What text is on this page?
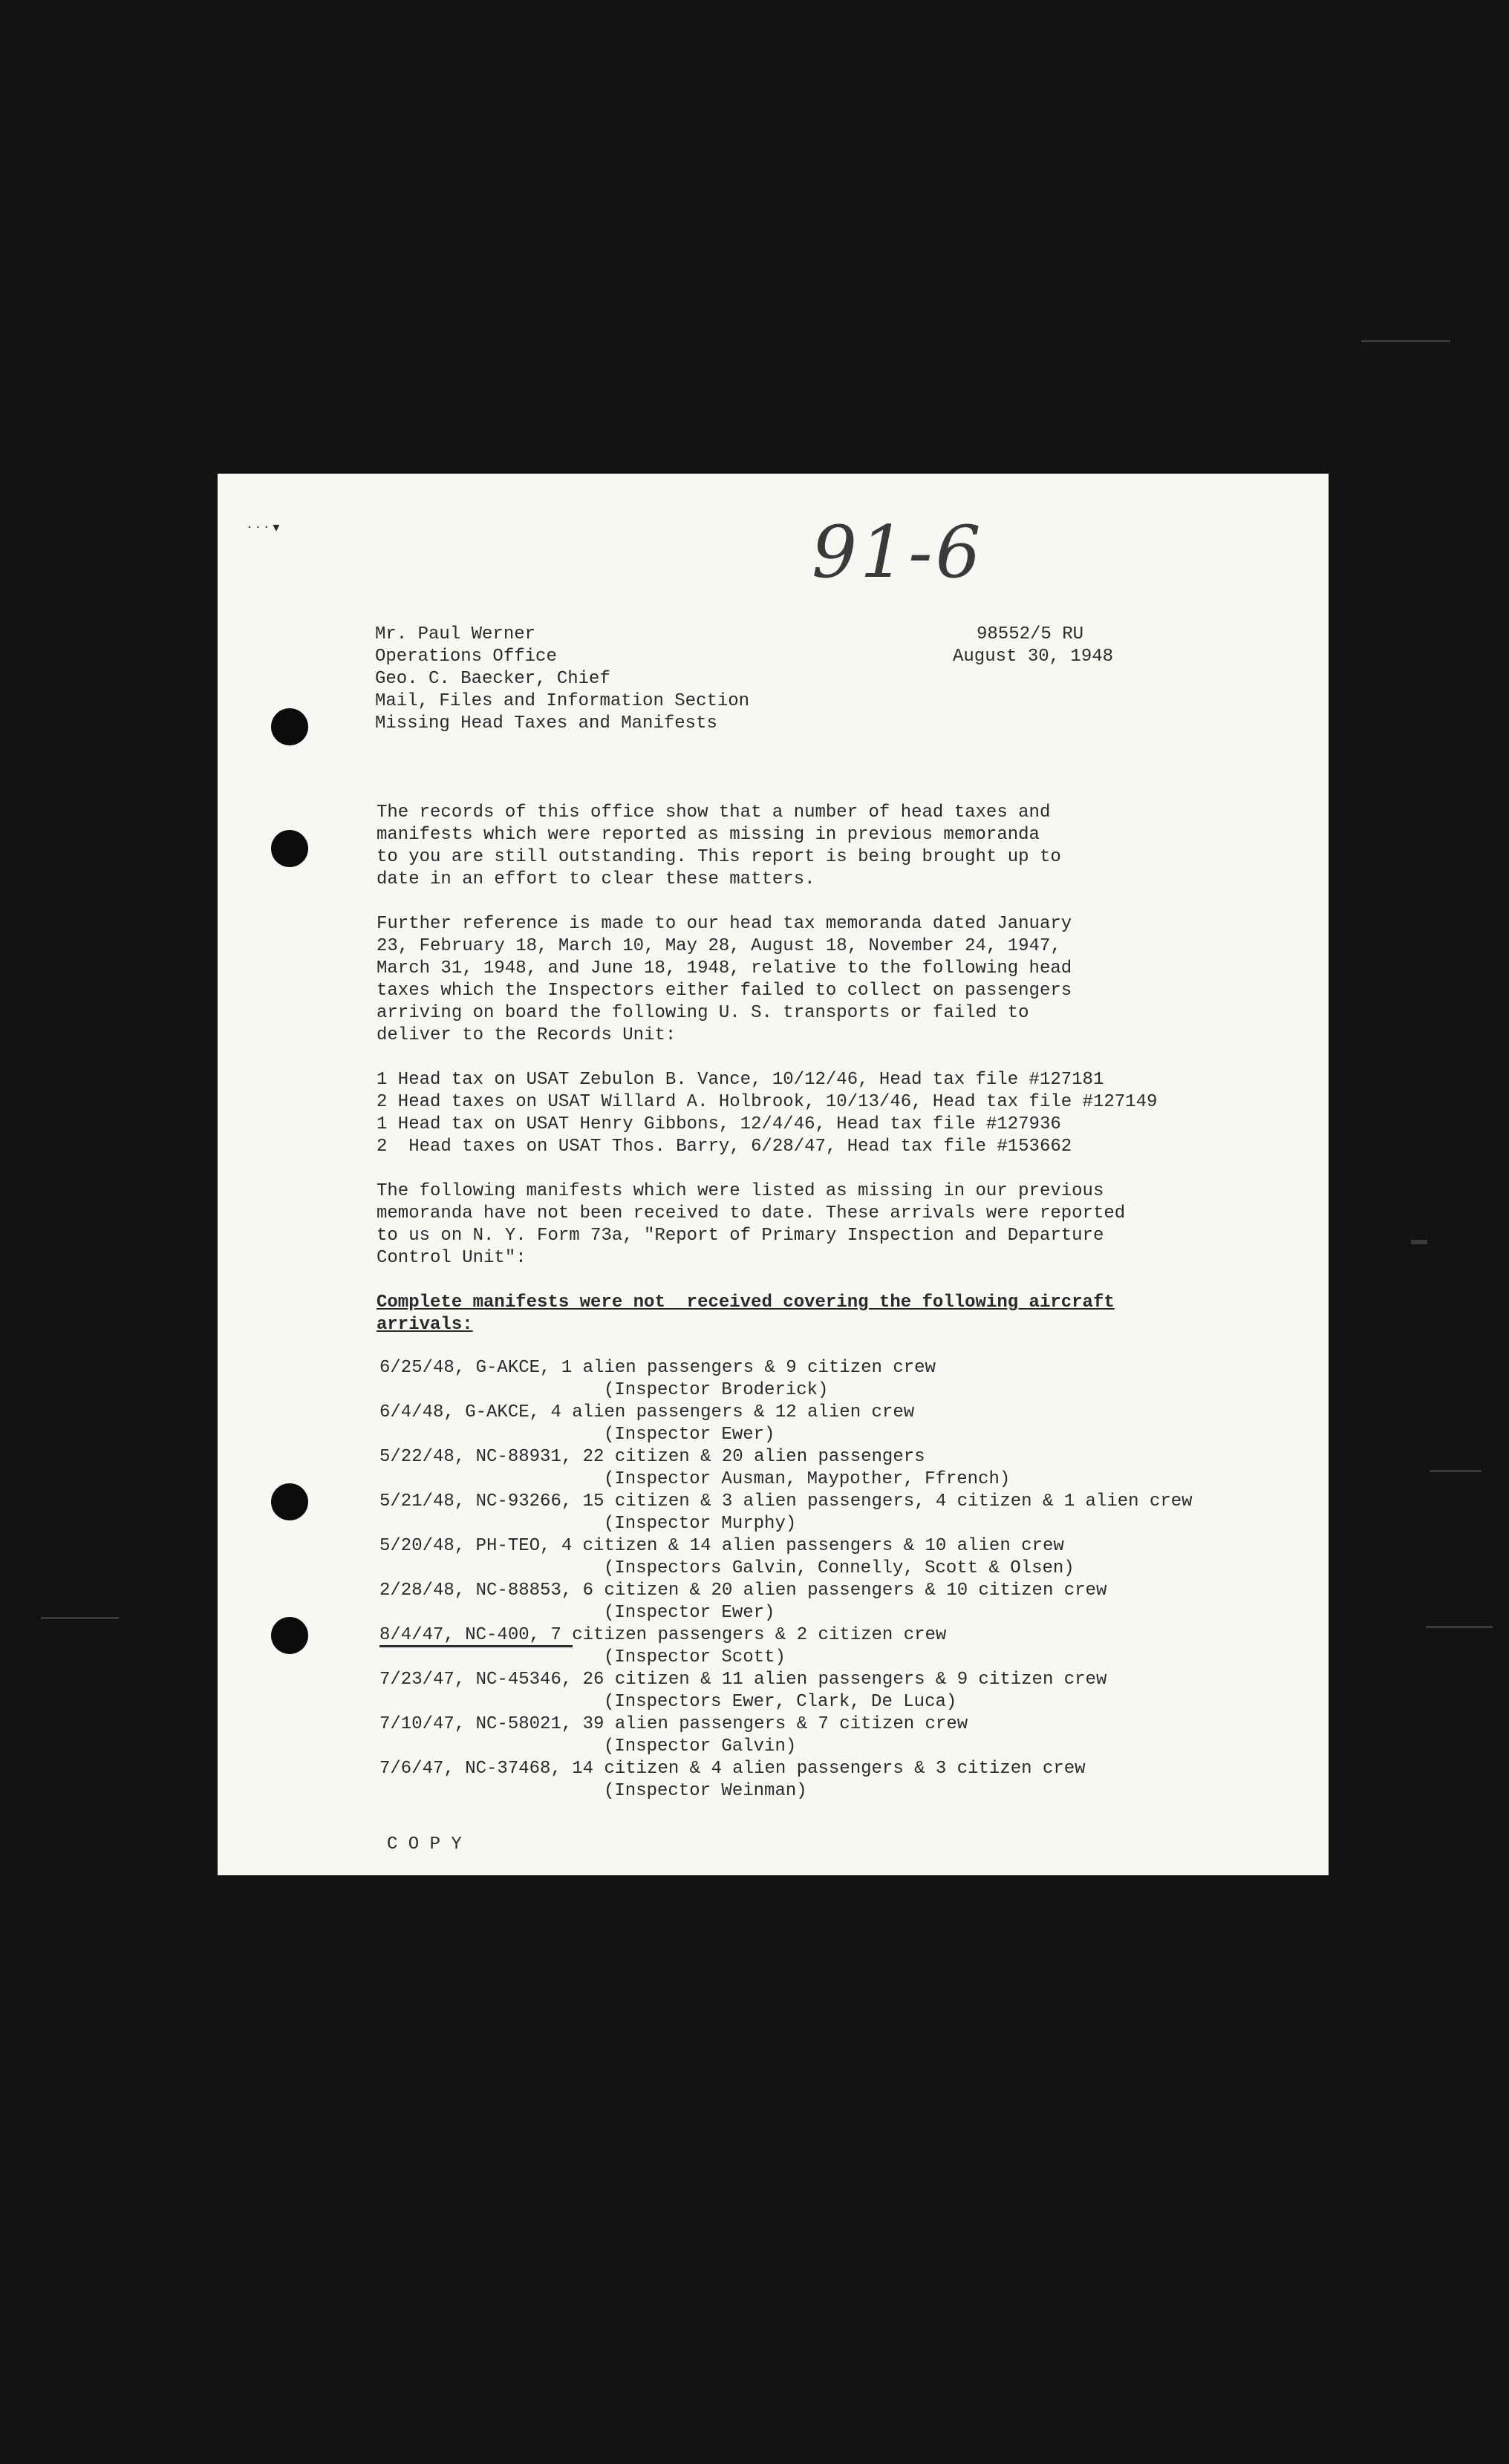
· · · ▾	91-6

Mr. Paul Werner

Operations Office

Geo. C. Baecker, Chief

Mail, Files and Information Section

Missing Head Taxes and Manifests

98552/5 RU

August 30, 1948

The records of this office show that a number of head taxes and

manifests which were reported as missing in previous memoranda

to you are still outstanding. This report is being brought up to

date in an effort to clear these matters.

Further reference is made to our head tax memoranda dated January

23, February 18, March 10, May 28, August 18, November 24, 1947,

March 31, 1948, and June 18, 1948, relative to the following head

taxes which the Inspectors either failed to collect on passengers

arriving on board the following U. S. transports or failed to

deliver to the Records Unit:

1 Head tax on USAT Zebulon B. Vance, 10/12/46, Head tax file #127181

2 Head taxes on USAT Willard A. Holbrook, 10/13/46, Head tax file #127149

1 Head tax on USAT Henry Gibbons, 12/4/46, Head tax file #127936

2  Head taxes on USAT Thos. Barry, 6/28/47, Head tax file #153662

The following manifests which were listed as missing in our previous

memoranda have not been received to date. These arrivals were reported

to us on N. Y. Form 73a, "Report of Primary Inspection and Departure

Control Unit":

Complete manifests were not  received covering the following aircraft

arrivals:

6/25/48, G-AKCE, 1 alien passengers & 9 citizen crew

(Inspector Broderick)

6/4/48, G-AKCE, 4 alien passengers & 12 alien crew

(Inspector Ewer)

5/22/48, NC-88931, 22 citizen & 20 alien passengers

(Inspector Ausman, Maypother, Ffrench)

5/21/48, NC-93266, 15 citizen & 3 alien passengers, 4 citizen & 1 alien crew

(Inspector Murphy)

5/20/48, PH-TEO, 4 citizen & 14 alien passengers & 10 alien crew

(Inspectors Galvin, Connelly, Scott & Olsen)

2/28/48, NC-88853, 6 citizen & 20 alien passengers & 10 citizen crew

(Inspector Ewer)

8/4/47, NC-400, 7 citizen passengers & 2 citizen crew

(Inspector Scott)

7/23/47, NC-45346, 26 citizen & 11 alien passengers & 9 citizen crew

(Inspectors Ewer, Clark, De Luca)

7/10/47, NC-58021, 39 alien passengers & 7 citizen crew

(Inspector Galvin)

7/6/47, NC-37468, 14 citizen & 4 alien passengers & 3 citizen crew

(Inspector Weinman)

C O P Y
